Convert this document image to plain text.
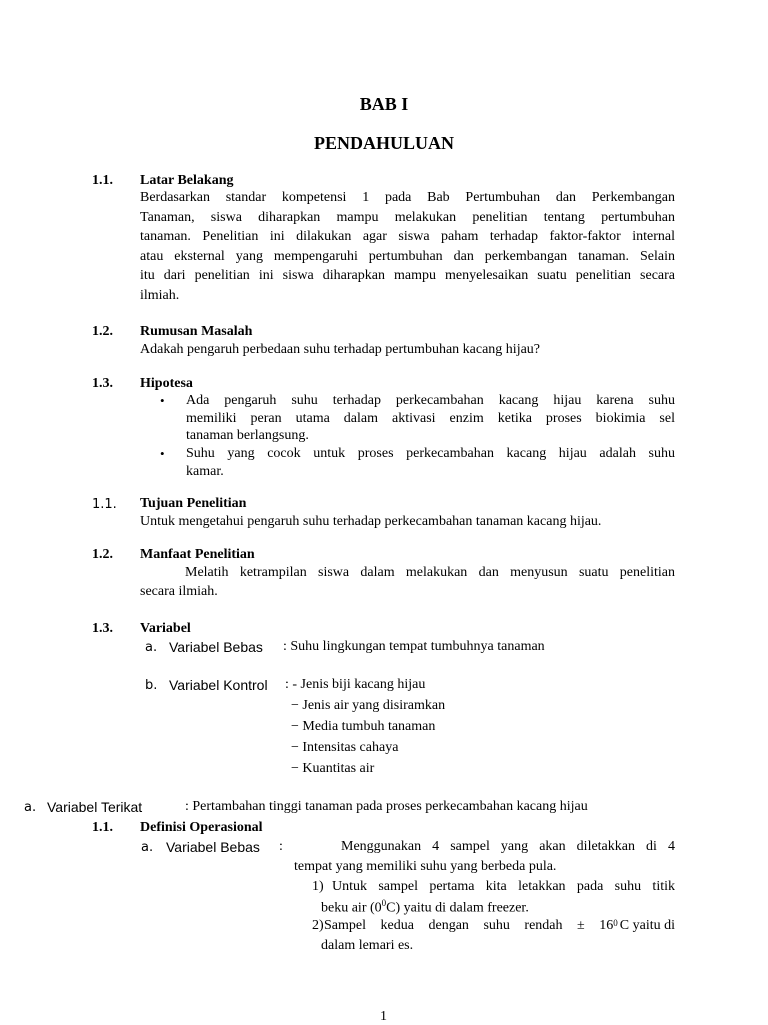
BAB I
PENDAHULUAN
1.1. Latar Belakang
Berdasarkan standar kompetensi 1 pada Bab Pertumbuhan dan Perkembangan
Tanaman, siswa diharapkan mampu melakukan penelitian tentang pertumbuhan
tanaman. Penelitian ini dilakukan agar siswa paham terhadap faktor-faktor internal
atau eksternal yang mempengaruhi pertumbuhan dan perkembangan tanaman. Selain
itu dari penelitian ini siswa diharapkan mampu menyelesaikan suatu penelitian secara
ilmiah.
1.2. Rumusan Masalah
Adakah pengaruh perbedaan suhu terhadap pertumbuhan kacang hijau?
1.3. Hipotesa
• Ada pengaruh suhu terhadap perkecambahan kacang hijau karena suhu
memiliki peran utama dalam aktivasi enzim ketika proses biokimia sel
tanaman berlangsung.
• Suhu yang cocok untuk proses perkecambahan kacang hijau adalah suhu
kamar.
1.1. Tujuan Penelitian
Untuk mengetahui pengaruh suhu terhadap perkecambahan tanaman kacang hijau.
1.2. Manfaat Penelitian
Melatih ketrampilan siswa dalam melakukan dan menyusun suatu penelitian
secara ilmiah.
1.3. Variabel
a. Variabel Bebas : Suhu lingkungan tempat tumbuhnya tanaman
b. Variabel Kontrol : - Jenis biji kacang hijau
− Jenis air yang disiramkan
− Media tumbuh tanaman
− Intensitas cahaya
− Kuantitas air
a. Variabel Terikat	: Pertambahan tinggi tanaman pada proses perkecambahan kacang hijau
1.1. Definisi Operasional
a. Variabel Bebas :	Menggunakan 4 sampel yang akan diletakkan di 4
tempat yang memiliki suhu yang berbeda pula.
1) Untuk sampel pertama kita letakkan pada suhu titik
beku air $(0^0C)$ yaitu di dalam freezer.
2) Sampel kedua dengan suhu rendah ± 16 0 C yaitu di
dalam lemari es.
1
